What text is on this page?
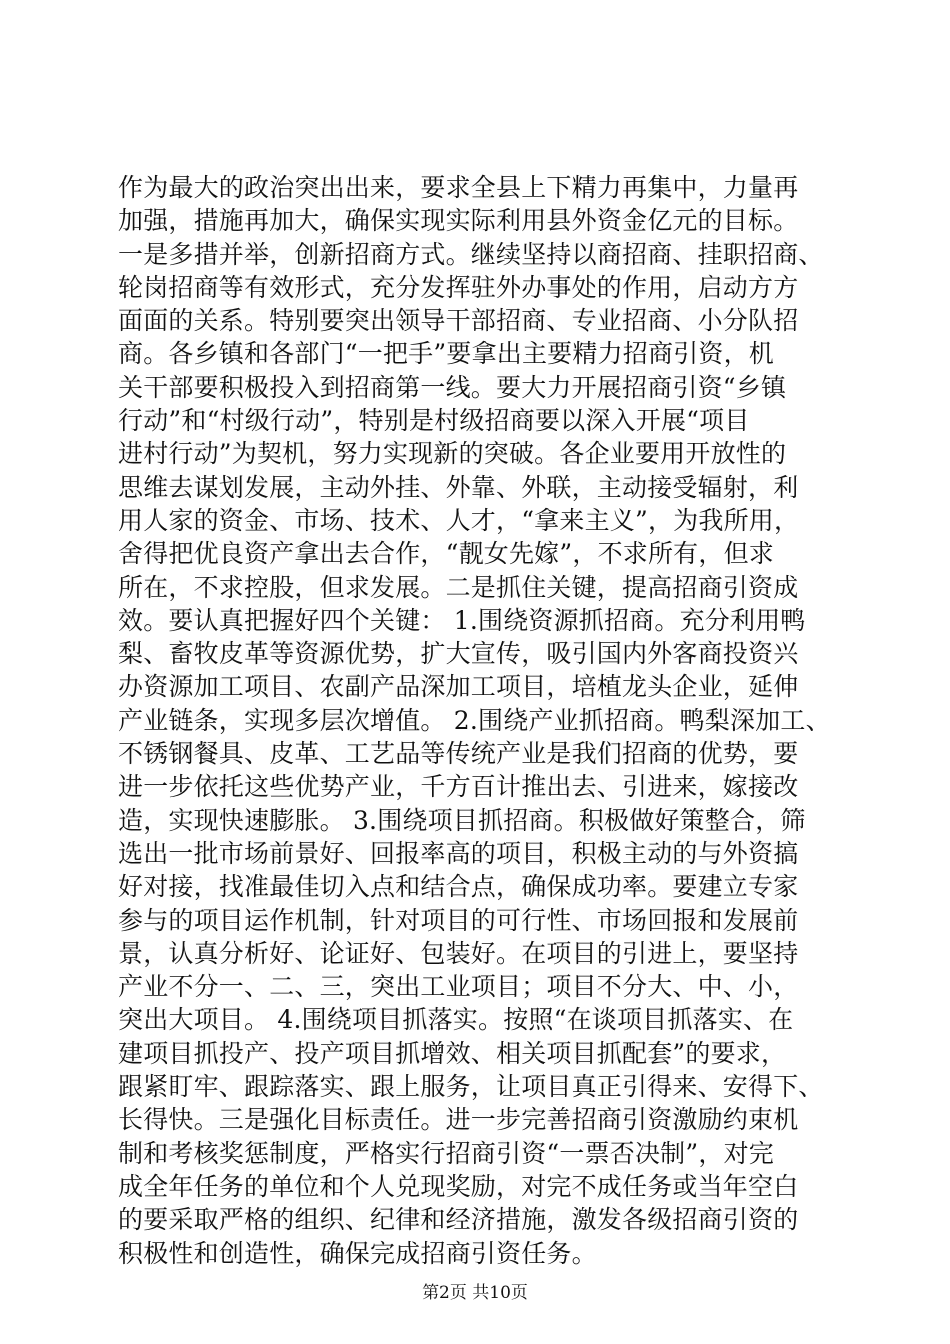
作为最大的政治突出出来，要求全县上下精力再集中，力量再
加强，措施再加大，确保实现实际利用县外资金亿元的目标。
一是多措并举，创新招商方式。继续坚持以商招商、挂职招商、
轮岗招商等有效形式，充分发挥驻外办事处的作用，启动方方
面面的关系。特别要突出领导干部招商、专业招商、小分队招
商。各乡镇和各部门“一把手”要拿出主要精力招商引资，机
关干部要积极投入到招商第一线。要大力开展招商引资“乡镇
行动”和“村级行动”，特别是村级招商要以深入开展“项目
进村行动”为契机，努力实现新的突破。各企业要用开放性的
思维去谋划发展，主动外挂、外靠、外联，主动接受辐射，利
用人家的资金、市场、技术、人才，“拿来主义”，为我所用，
舍得把优良资产拿出去合作，“靓女先嫁”，不求所有，但求
所在，不求控股，但求发展。二是抓住关键，提高招商引资成
效。要认真把握好四个关键： 1.围绕资源抓招商。充分利用鸭
梨、畜牧皮革等资源优势，扩大宣传，吸引国内外客商投资兴
办资源加工项目、农副产品深加工项目，培植龙头企业，延伸
产业链条，实现多层次增值。 2.围绕产业抓招商。鸭梨深加工、
不锈钢餐具、皮革、工艺品等传统产业是我们招商的优势，要
进一步依托这些优势产业，千方百计推出去、引进来，嫁接改
造，实现快速膨胀。 3.围绕项目抓招商。积极做好策整合，筛
选出一批市场前景好、回报率高的项目，积极主动的与外资搞
好对接，找准最佳切入点和结合点，确保成功率。要建立专家
参与的项目运作机制，针对项目的可行性、市场回报和发展前
景，认真分析好、论证好、包装好。在项目的引进上，要坚持
产业不分一、二、三，突出工业项目；项目不分大、中、小，
突出大项目。 4.围绕项目抓落实。按照“在谈项目抓落实、在
建项目抓投产、投产项目抓增效、相关项目抓配套”的要求，
跟紧盯牢、跟踪落实、跟上服务，让项目真正引得来、安得下、
长得快。三是强化目标责任。进一步完善招商引资激励约束机
制和考核奖惩制度，严格实行招商引资“一票否决制”，对完
成全年任务的单位和个人兑现奖励，对完不成任务或当年空白
的要采取严格的组织、纪律和经济措施，激发各级招商引资的
积极性和创造性，确保完成招商引资任务。
第2页 共10页
